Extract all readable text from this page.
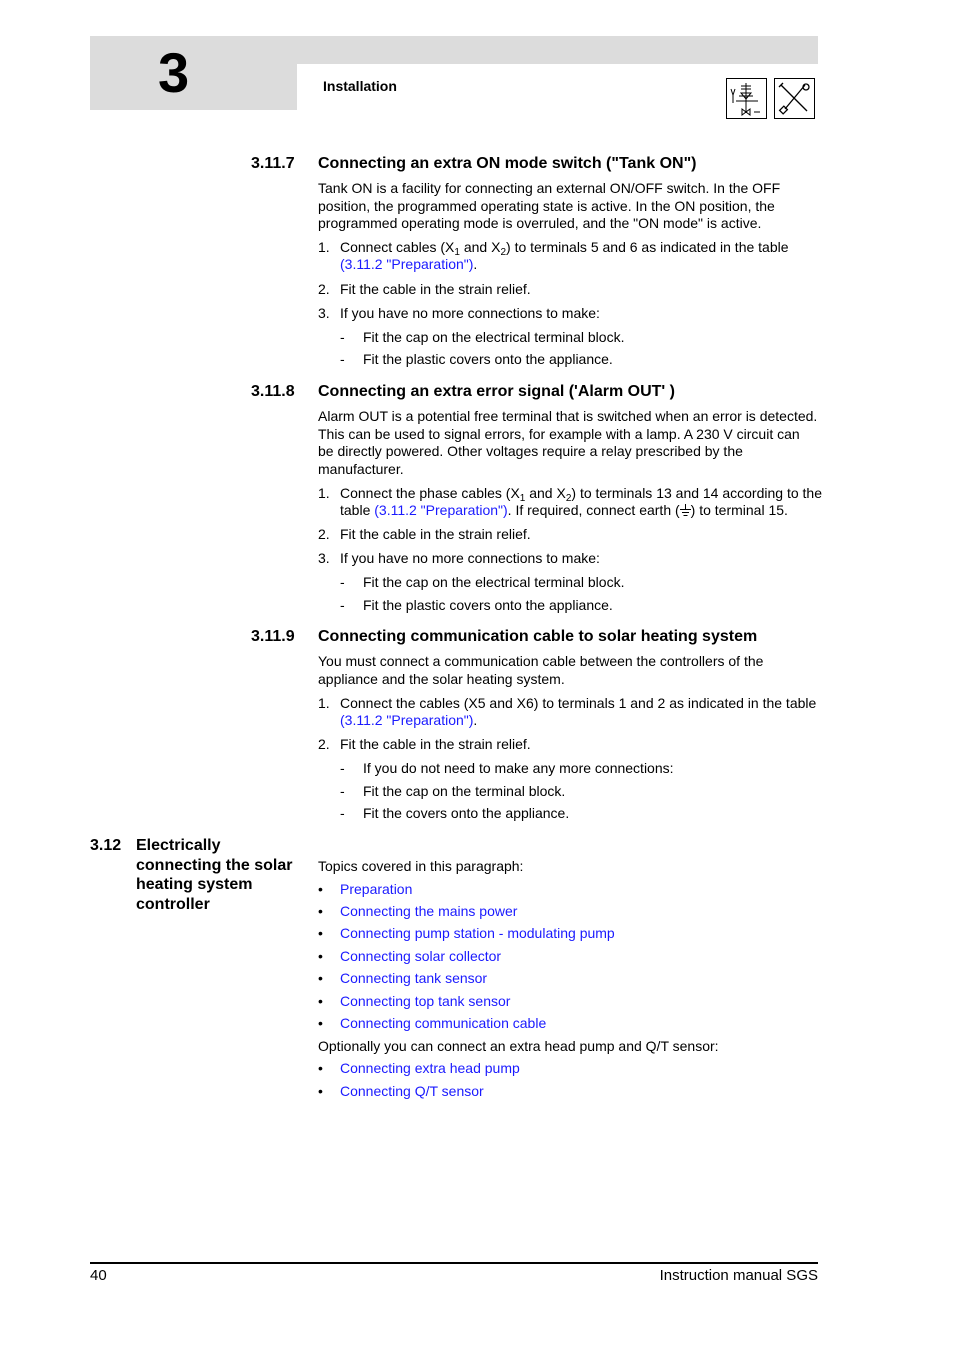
3	Installation
3.11.7 Connecting an extra ON mode switch ("Tank ON")
Tank ON is a facility for connecting an external ON/OFF switch. In the OFF position, the programmed operating state is active. In the ON position, the programmed operating mode is overruled, and the "ON mode" is active.
1. Connect cables ($X_1$ and $X_2$) to terminals 5 and 6 as indicated in the table (3.11.2 "Preparation").
2. Fit the cable in the strain relief.
3. If you have no more connections to make:
- Fit the cap on the electrical terminal block.
- Fit the plastic covers onto the appliance.
3.11.8 Connecting an extra error signal ('Alarm OUT' )
Alarm OUT is a potential free terminal that is switched when an error is detected. This can be used to signal errors, for example with a lamp. A 230 V circuit can be directly powered. Other voltages require a relay prescribed by the manufacturer.
1. Connect the phase cables ($X_1$ and $X_2$) to terminals 13 and 14 according to the table (3.11.2 "Preparation"). If required, connect earth ( ) to terminal 15.
2. Fit the cable in the strain relief.
3. If you have no more connections to make:
- Fit the cap on the electrical terminal block.
- Fit the plastic covers onto the appliance.
3.11.9 Connecting communication cable to solar heating system
You must connect a communication cable between the controllers of the appliance and the solar heating system.
1. Connect the cables (X5 and X6) to terminals 1 and 2 as indicated in the table (3.11.2 "Preparation").
2. Fit the cable in the strain relief.
- If you do not need to make any more connections:
- Fit the cap on the terminal block.
- Fit the covers onto the appliance.
3.12 Electrically connecting the solar heating system controller
Topics covered in this paragraph:
• Preparation
• Connecting the mains power
• Connecting pump station - modulating pump
• Connecting solar collector
• Connecting tank sensor
• Connecting top tank sensor
• Connecting communication cable
Optionally you can connect an extra head pump and Q/T sensor:
• Connecting extra head pump
• Connecting Q/T sensor
40	Instruction manual SGS
